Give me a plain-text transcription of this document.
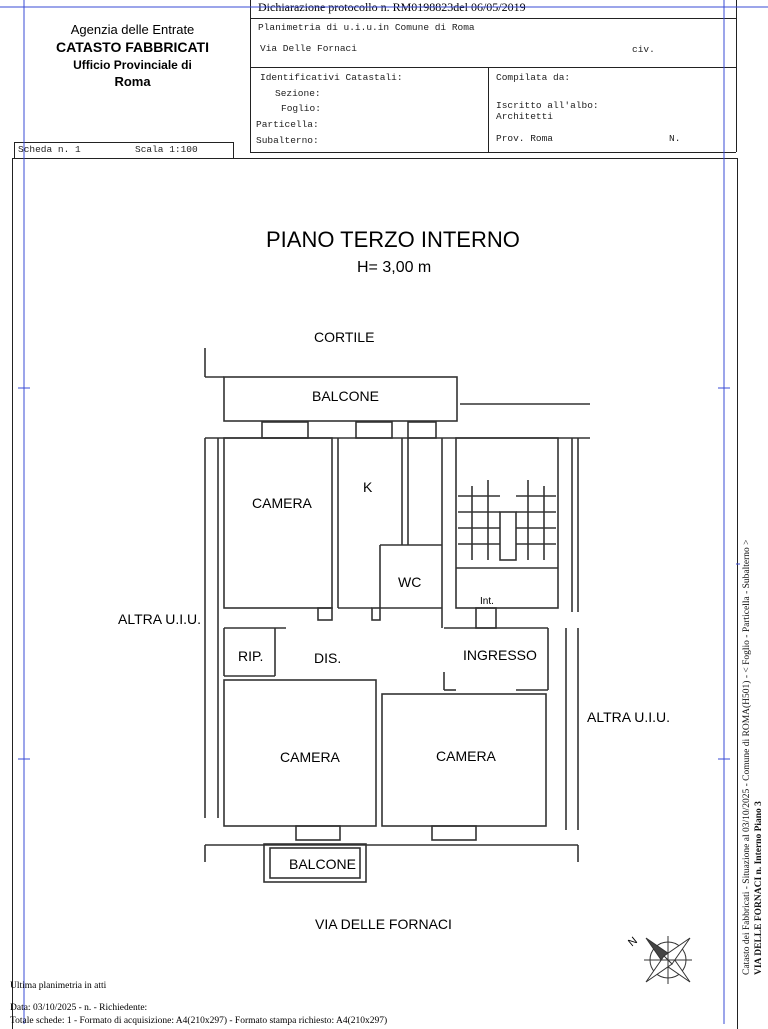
Agenzia delle Entrate
CATASTO FABBRICATI
Ufficio Provinciale di
Roma
Dichiarazione protocollo n. RM0198823del 06/05/2019
Planimetria di u.i.u.in Comune di Roma
Via Delle Fornaci	civ.
Identificativi Catastali:
Sezione:
Foglio:
Particella:
Subalterno:
Compilata da:
Iscritto all'albo:
Architetti
Prov. Roma	N.
Scheda n. 1	Scala 1:100
PIANO TERZO INTERNO
H= 3,00 m
CORTILE
BALCONE
CAMERA
K
WC
Int.
ALTRA U.I.U.
RIP.	DIS.	INGRESSO
ALTRA U.I.U.
CAMERA	CAMERA
BALCONE
VIA DELLE FORNACI
N
Ultima planimetria in atti
Data: 03/10/2025 - n. - Richiedente:
Totale schede: 1 - Formato di acquisizione: A4(210x297) - Formato stampa richiesto: A4(210x297)
Catasto dei Fabbricati - Situazione al 03/10/2025 - Comune di ROMA(H501) - < Foglio - Particella - Subalterno > VIA DELLE FORNACI n. Interno Piano 3
